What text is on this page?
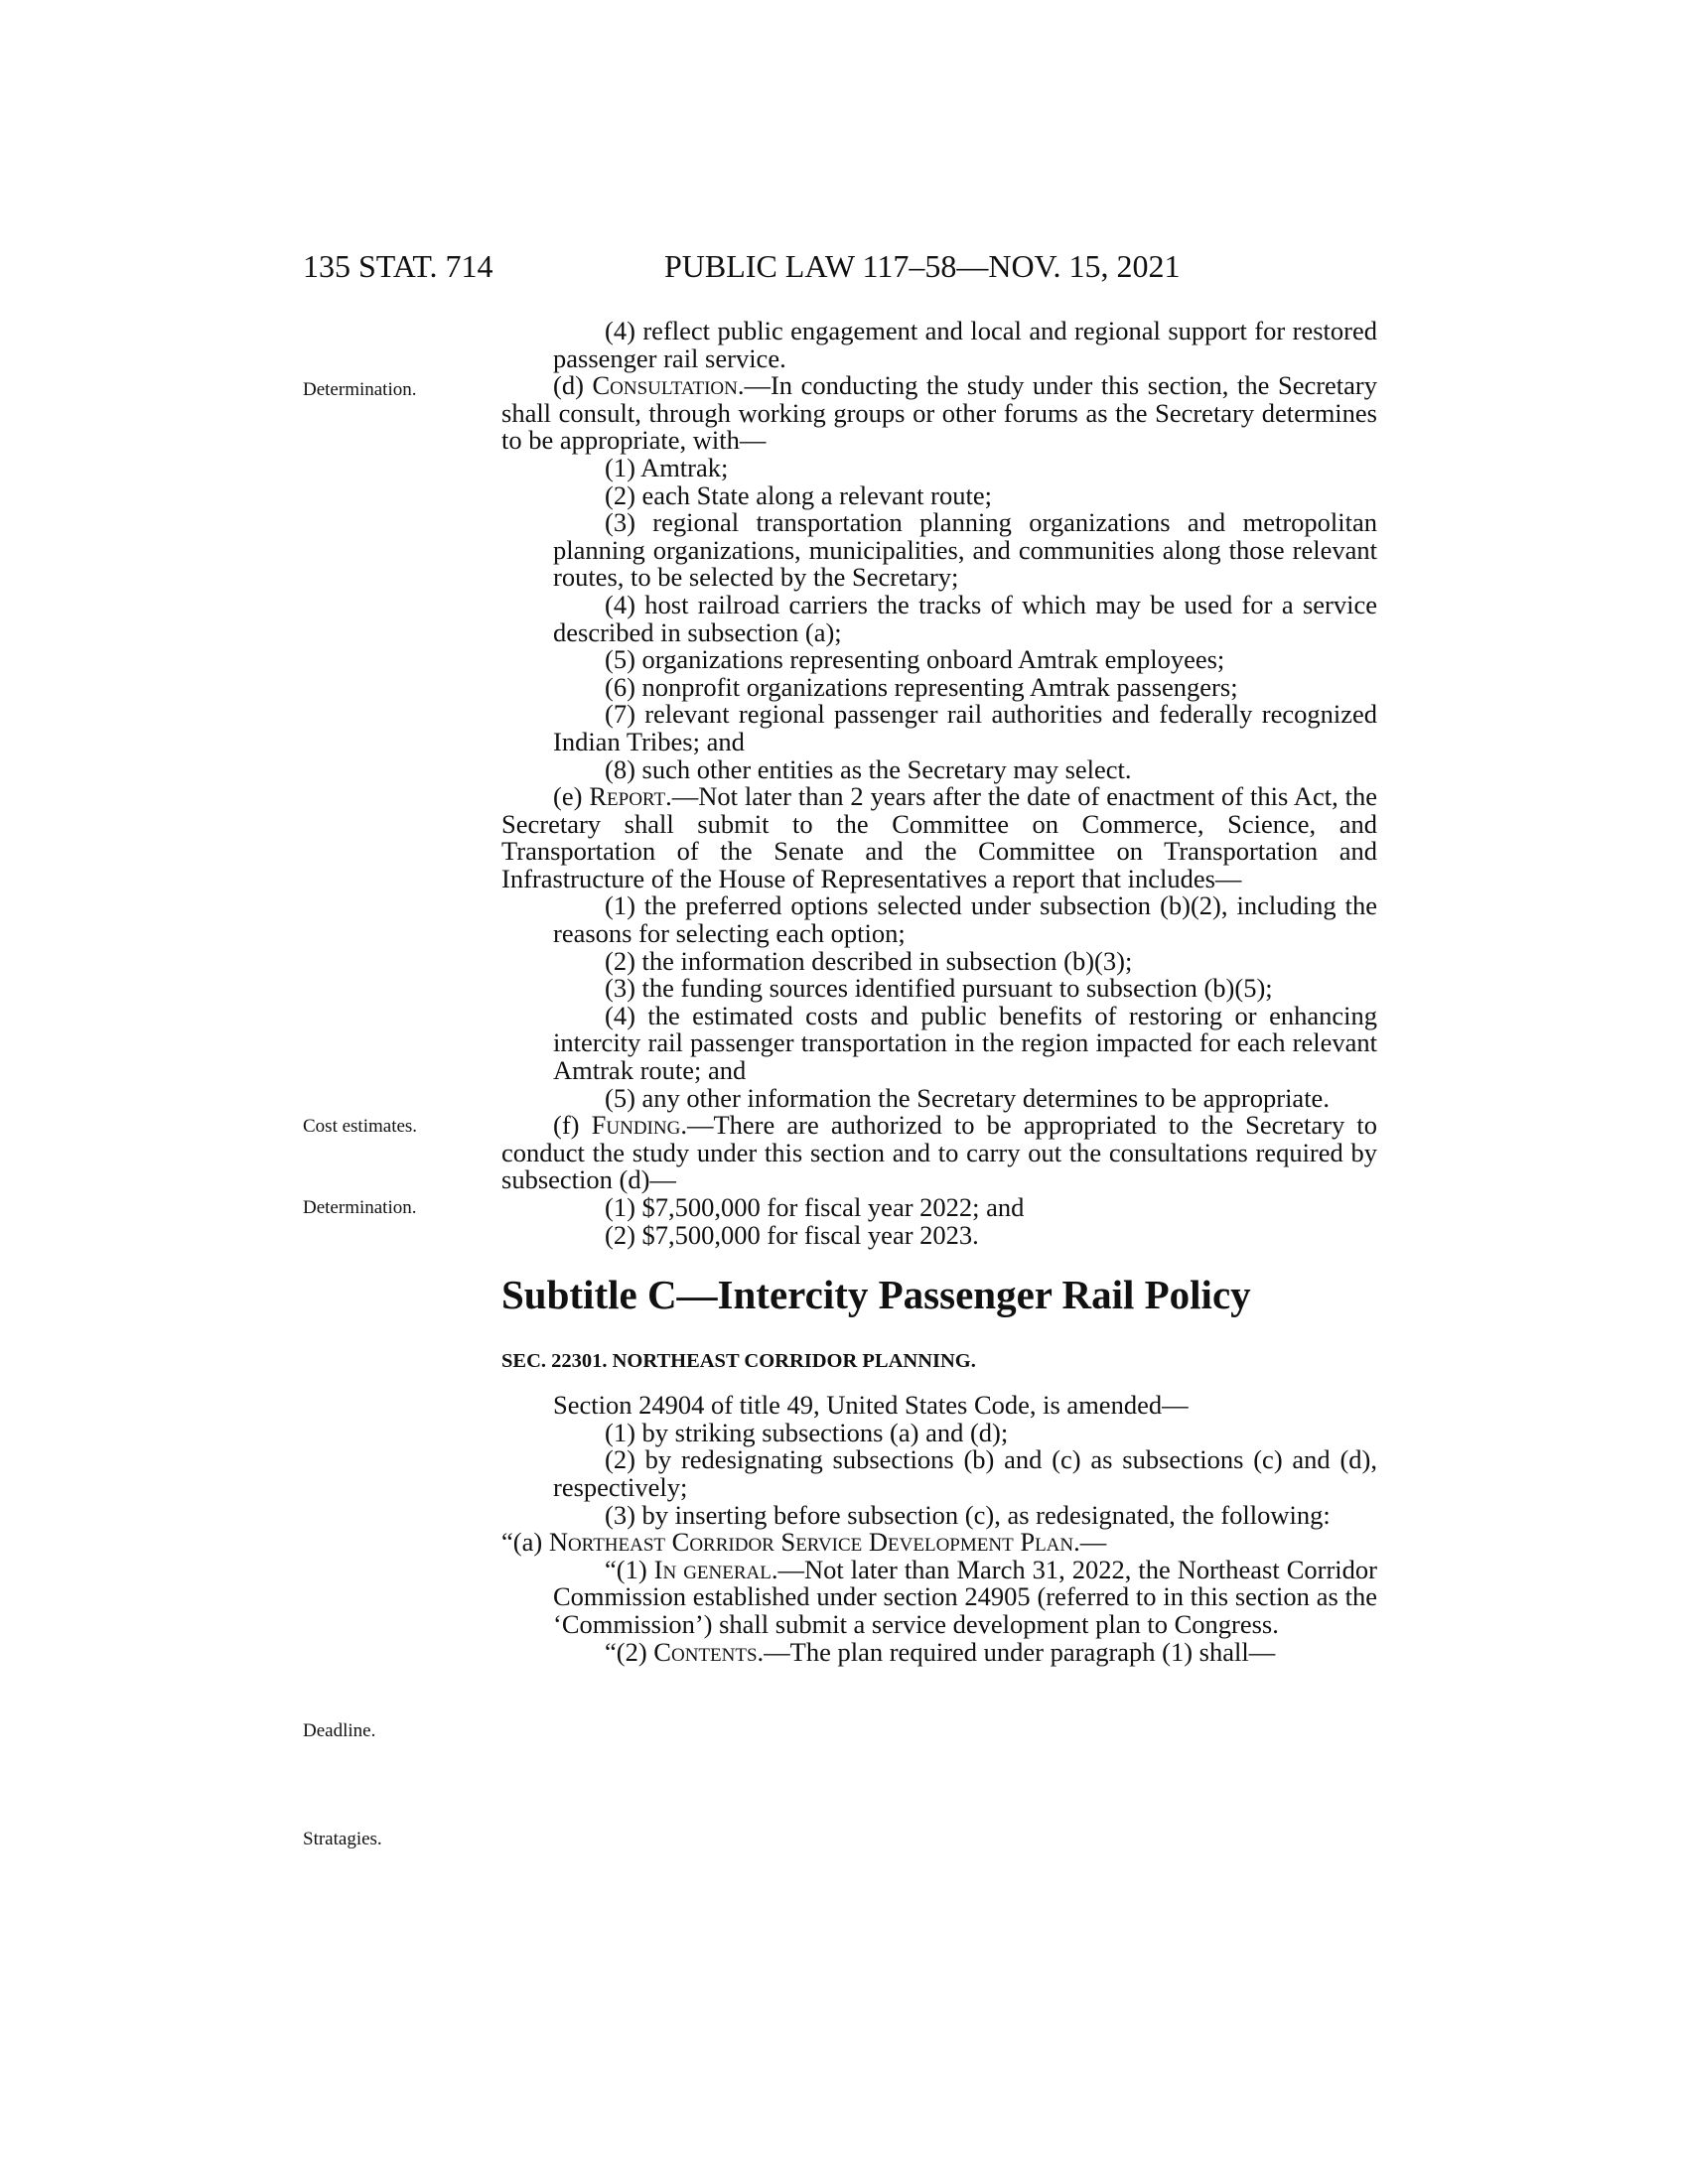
135 STAT. 714	PUBLIC LAW 117–58—NOV. 15, 2021
Determination.
Cost estimates.
Determination.
Deadline.
Stratagies.

(4) reflect public engagement and local and regional support for restored passenger rail service.

(d) Consultation.—In conducting the study under this section, the Secretary shall consult, through working groups or other forums as the Secretary determines to be appropriate, with—

(1) Amtrak;

(2) each State along a relevant route;

(3) regional transportation planning organizations and metropolitan planning organizations, municipalities, and communities along those relevant routes, to be selected by the Secretary;

(4) host railroad carriers the tracks of which may be used for a service described in subsection (a);

(5) organizations representing onboard Amtrak employees;

(6) nonprofit organizations representing Amtrak passengers;

(7) relevant regional passenger rail authorities and federally recognized Indian Tribes; and

(8) such other entities as the Secretary may select.

(e) Report.—Not later than 2 years after the date of enactment of this Act, the Secretary shall submit to the Committee on Commerce, Science, and Transportation of the Senate and the Committee on Transportation and Infrastructure of the House of Representatives a report that includes—

(1) the preferred options selected under subsection (b)(2), including the reasons for selecting each option;

(2) the information described in subsection (b)(3);

(3) the funding sources identified pursuant to subsection (b)(5);

(4) the estimated costs and public benefits of restoring or enhancing intercity rail passenger transportation in the region impacted for each relevant Amtrak route; and

(5) any other information the Secretary determines to be appropriate.

(f) Funding.—There are authorized to be appropriated to the Secretary to conduct the study under this section and to carry out the consultations required by subsection (d)—

(1) $7,500,000 for fiscal year 2022; and

(2) $7,500,000 for fiscal year 2023.

Subtitle C—Intercity Passenger Rail Policy
SEC. 22301. NORTHEAST CORRIDOR PLANNING.

Section 24904 of title 49, United States Code, is amended—

(1) by striking subsections (a) and (d);

(2) by redesignating subsections (b) and (c) as subsections (c) and (d), respectively;

(3) by inserting before subsection (c), as redesignated, the following:

“(a) Northeast Corridor Service Development Plan.—

“(1) In general.—Not later than March 31, 2022, the Northeast Corridor Commission established under section 24905 (referred to in this section as the ‘Commission’) shall submit a service development plan to Congress.

“(2) Contents.—The plan required under paragraph (1) shall—
